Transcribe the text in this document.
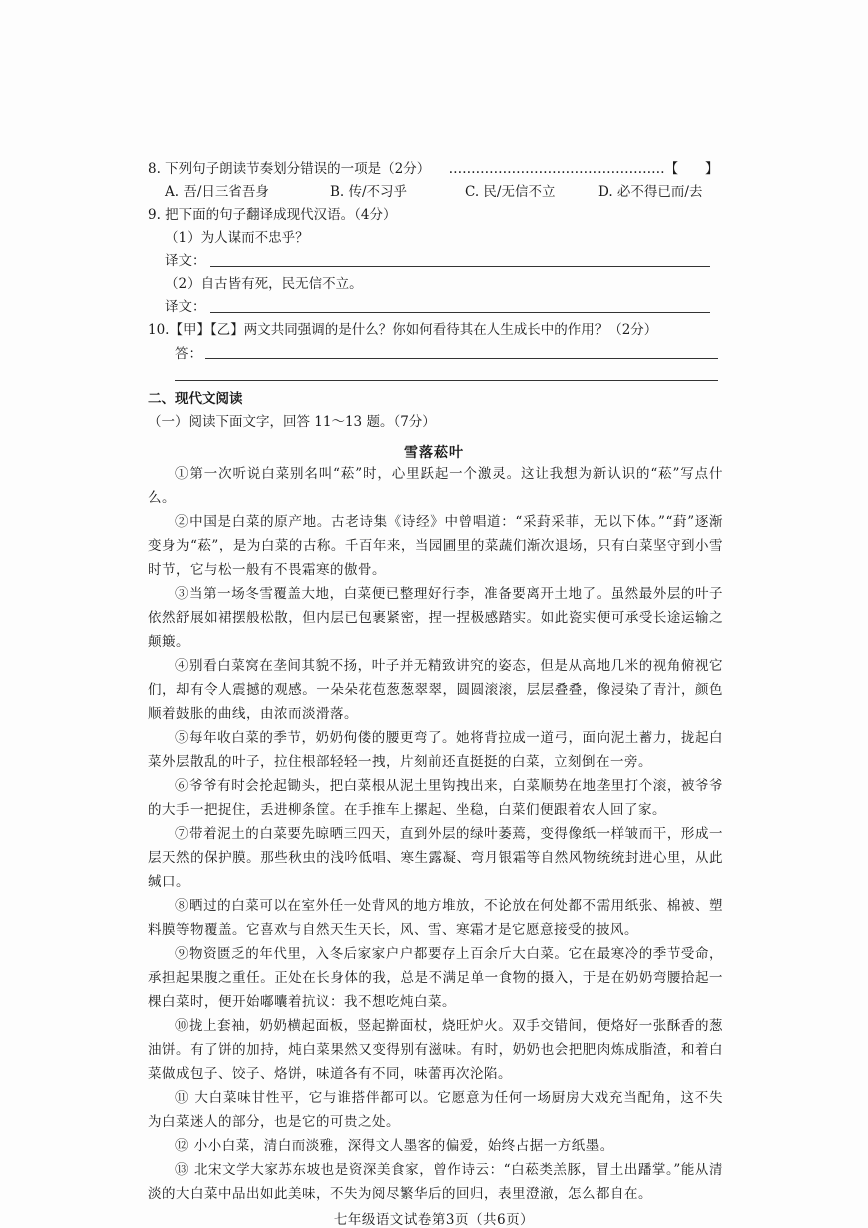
8. 下列句子朗读节奏划分错误的一项是（2分） …………………………………………【　　】
A. 吾/日三省吾身	B. 传/不习乎	C. 民/无信不立	D. 必不得已而/去
9. 把下面的句子翻译成现代汉语。（4分）
（1）为人谋而不忠乎？
译文：
（2）自古皆有死，民无信不立。
译文：
10.【甲】【乙】两文共同强调的是什么？你如何看待其在人生成长中的作用？（2分）
答：
二、现代文阅读
（一）阅读下面文字，回答 11～13 题。（7分）
雪落菘叶
①第一次听说白菜别名叫“菘”时，心里跃起一个激灵。这让我想为新认识的“菘”写点什么。
②中国是白菜的原产地。古老诗集《诗经》中曾唱道：“采葑采菲，无以下体。”“葑”逐渐变身为“菘”，是为白菜的古称。千百年来，当园圃里的菜蔬们渐次退场，只有白菜坚守到小雪时节，它与松一般有不畏霜寒的傲骨。
③当第一场冬雪覆盖大地，白菜便已整理好行李，准备要离开土地了。虽然最外层的叶子依然舒展如裙摆般松散，但内层已包裹紧密，捏一捏极感踏实。如此瓷实便可承受长途运输之颠簸。
④别看白菜窝在垄间其貌不扬，叶子并无精致讲究的姿态，但是从高地几米的视角俯视它们，却有令人震撼的观感。一朵朵花苞葱葱翠翠，圆圆滚滚，层层叠叠，像浸染了青汁，颜色顺着鼓胀的曲线，由浓而淡滑落。
⑤每年收白菜的季节，奶奶佝偻的腰更弯了。她将背拉成一道弓，面向泥土蓄力，拢起白菜外层散乱的叶子，拉住根部轻轻一拽，片刻前还直挺挺的白菜，立刻倒在一旁。
⑥爷爷有时会抡起锄头，把白菜根从泥土里钩拽出来，白菜顺势在地垄里打个滚，被爷爷的大手一把捉住，丢进柳条筐。在手推车上摞起、坐稳，白菜们便跟着农人回了家。
⑦带着泥土的白菜要先晾晒三四天，直到外层的绿叶萎蔫，变得像纸一样皱而干，形成一层天然的保护膜。那些秋虫的浅吟低唱、寒生露凝、弯月银霜等自然风物统统封进心里，从此缄口。
⑧晒过的白菜可以在室外任一处背风的地方堆放，不论放在何处都不需用纸张、棉被、塑料膜等物覆盖。它喜欢与自然天生天长，风、雪、寒霜才是它愿意接受的披风。
⑨物资匮乏的年代里，入冬后家家户户都要存上百余斤大白菜。它在最寒冷的季节受命，承担起果腹之重任。正处在长身体的我，总是不满足单一食物的摄入，于是在奶奶弯腰拾起一棵白菜时，便开始嘟囔着抗议：我不想吃炖白菜。
⑩拢上套袖，奶奶横起面板，竖起擀面杖，烧旺炉火。双手交错间，便烙好一张酥香的葱油饼。有了饼的加持，炖白菜果然又变得别有滋味。有时，奶奶也会把肥肉炼成脂渣，和着白菜做成包子、饺子、烙饼，味道各有不同，味蕾再次沦陷。
⑪ 大白菜味甘性平，它与谁搭伴都可以。它愿意为任何一场厨房大戏充当配角，这不失为白菜迷人的部分，也是它的可贵之处。
⑫ 小小白菜，清白而淡雅，深得文人墨客的偏爱，始终占据一方纸墨。
⑬ 北宋文学大家苏东坡也是资深美食家，曾作诗云：“白菘类羔豚，冒土出蹯掌。”能从清淡的大白菜中品出如此美味，不失为阅尽繁华后的回归，表里澄澈，怎么都自在。
七年级语文试卷第3页（共6页）
